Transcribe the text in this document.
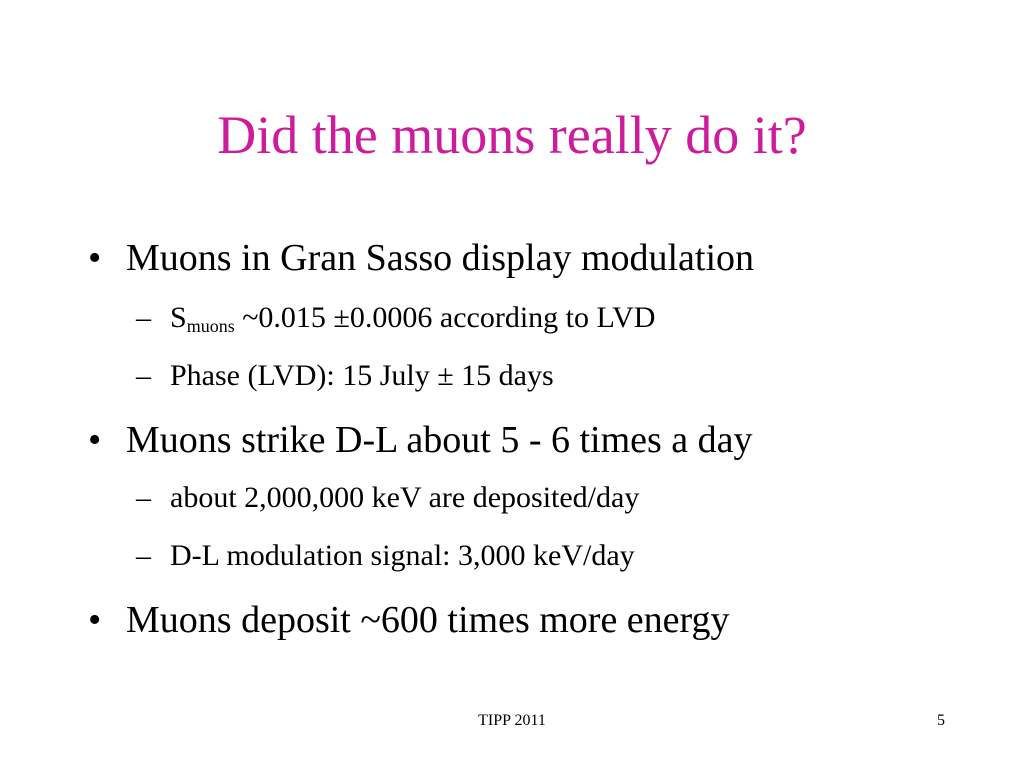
Did the muons really do it?
• Muons in Gran Sasso display modulation
– $S_{muons}$ ~0.015 ±0.0006 according to LVD
– Phase (LVD): 15 July ± 15 days
• Muons strike D-L about 5 - 6 times a day
– about 2,000,000 keV are deposited/day
– D-L modulation signal: 3,000 keV/day
• Muons deposit ~600 times more energy
TIPP 2011	5
